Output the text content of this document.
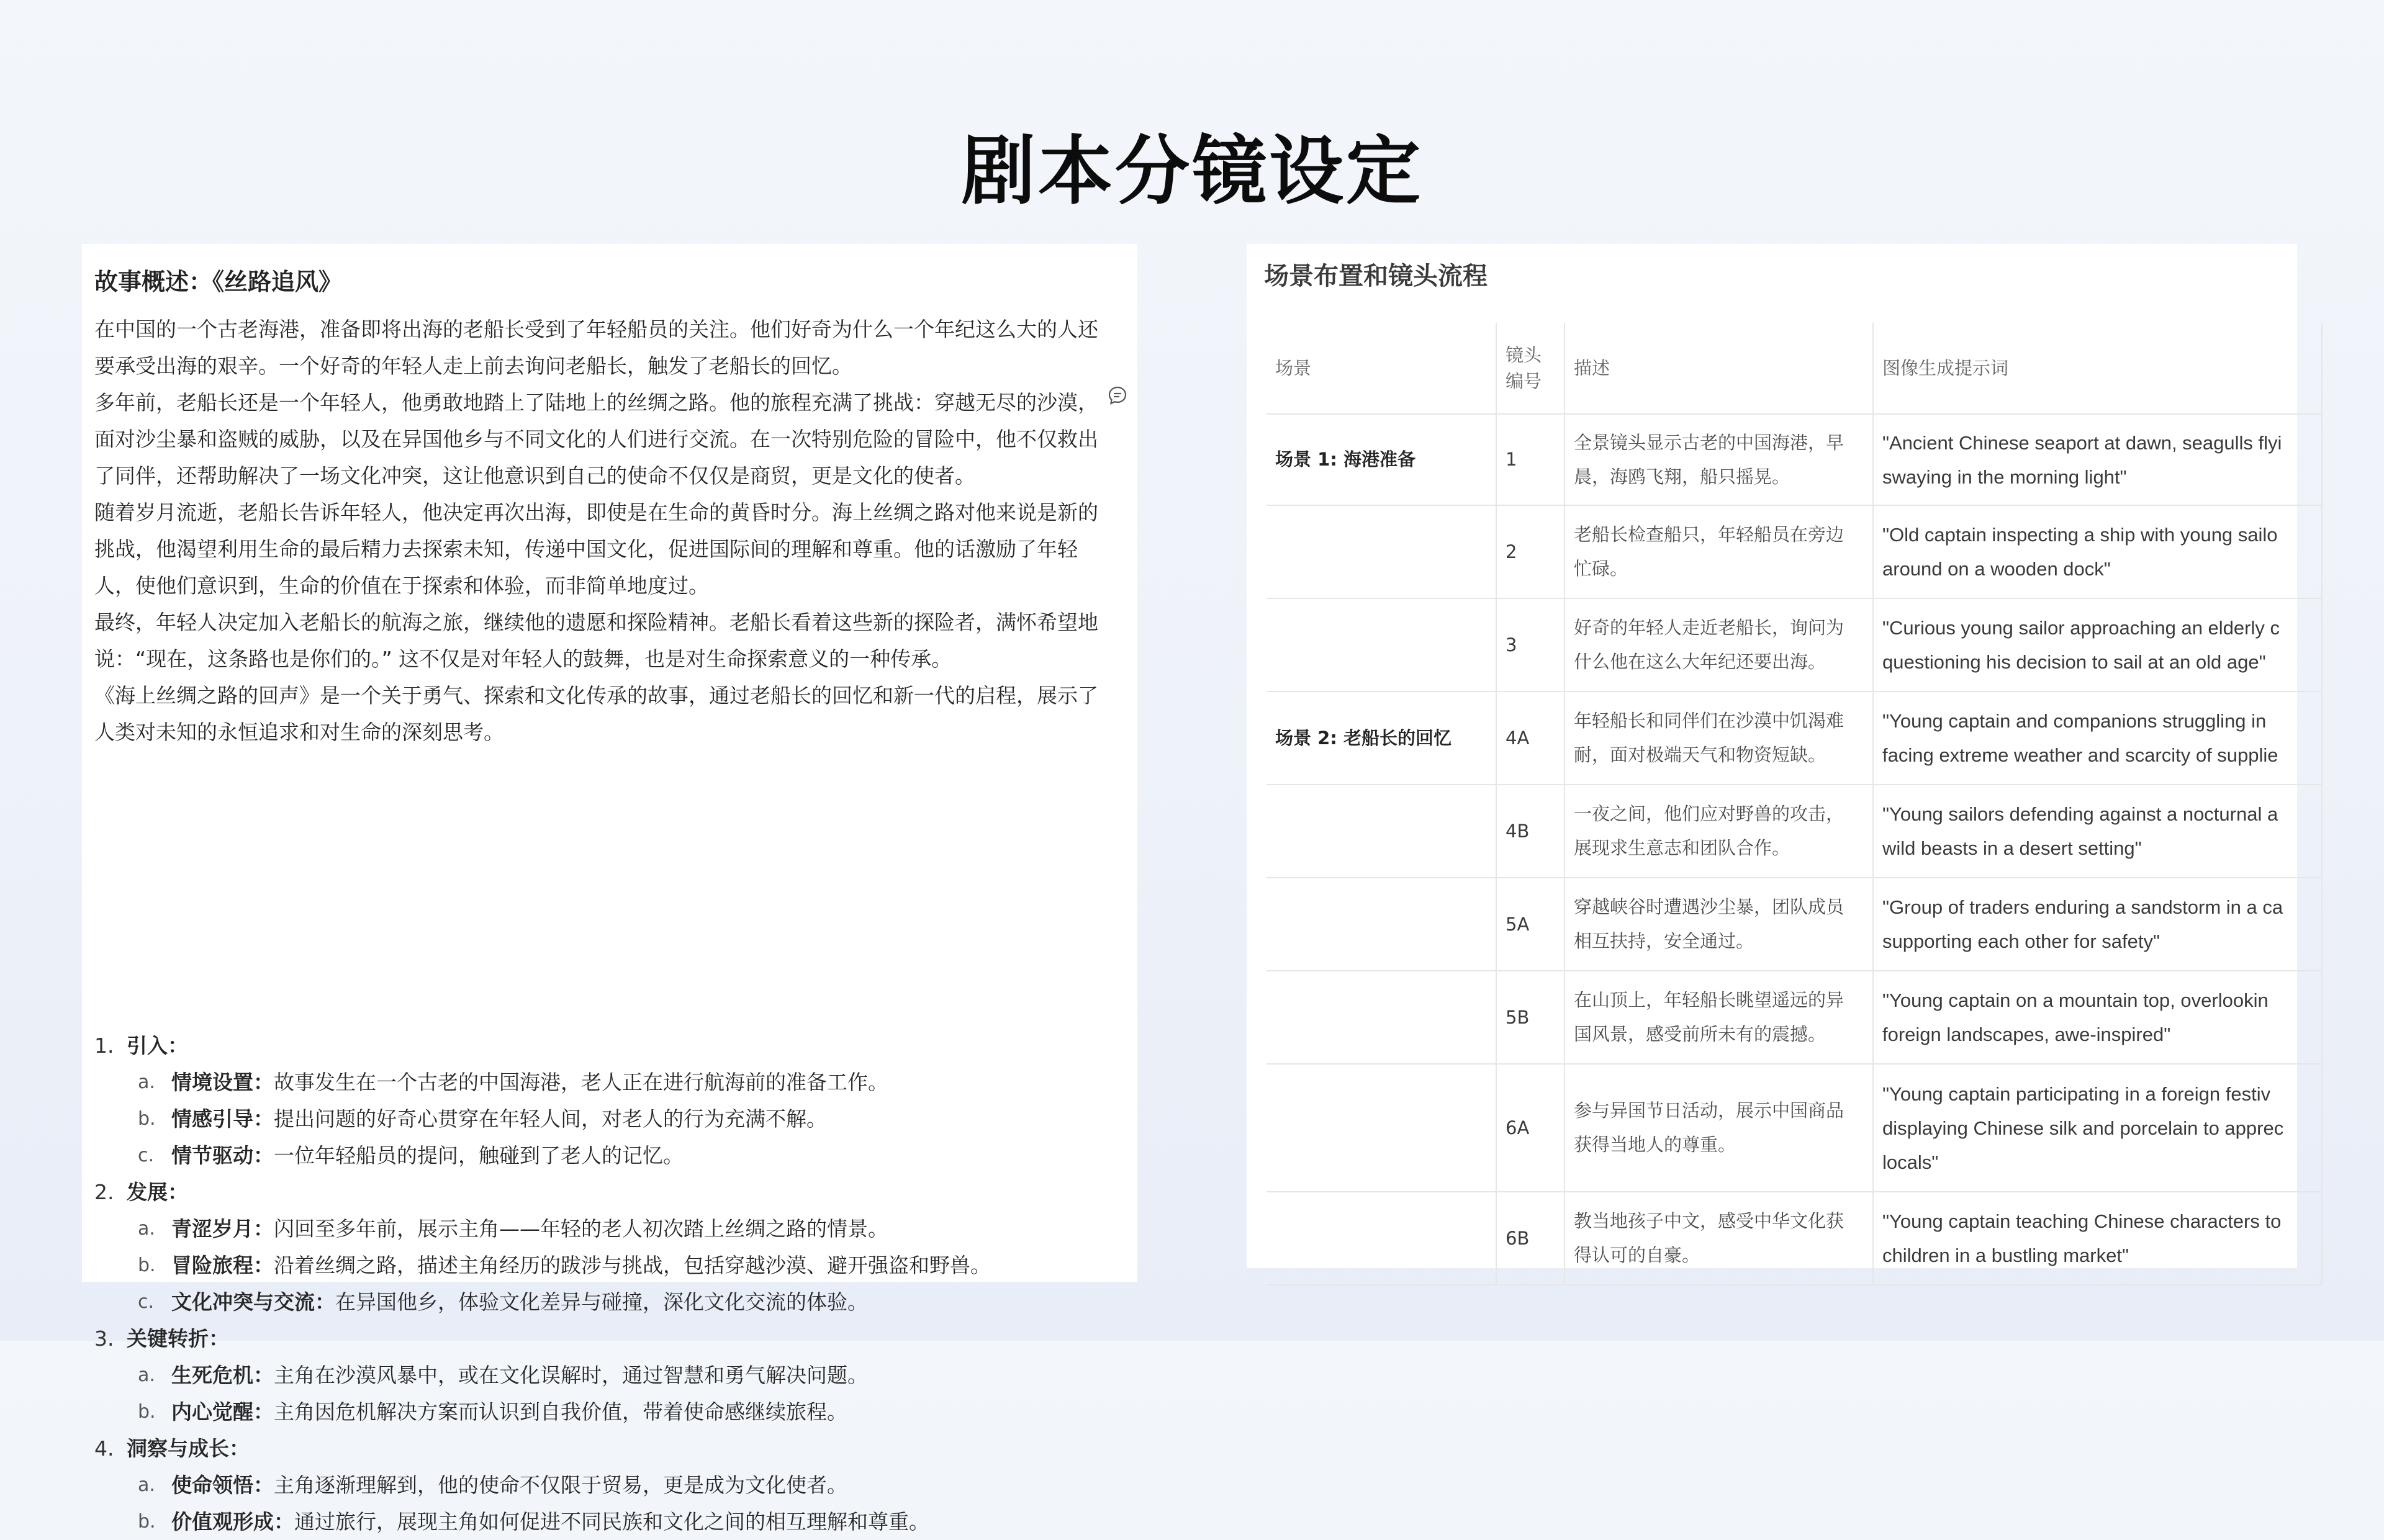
剧本分镜设定
故事概述：《丝路追风》

在中国的一个古老海港，准备即将出海的老船长受到了年轻船员的关注。他们好奇为什么一个年纪这么大的人还要承受出海的艰辛。一个好奇的年轻人走上前去询问老船长，触发了老船长的回忆。

多年前，老船长还是一个年轻人，他勇敢地踏上了陆地上的丝绸之路。他的旅程充满了挑战：穿越无尽的沙漠，面对沙尘暴和盗贼的威胁，以及在异国他乡与不同文化的人们进行交流。在一次特别危险的冒险中，他不仅救出了同伴，还帮助解决了一场文化冲突，这让他意识到自己的使命不仅仅是商贸，更是文化的使者。

随着岁月流逝，老船长告诉年轻人，他决定再次出海，即使是在生命的黄昏时分。海上丝绸之路对他来说是新的挑战，他渴望利用生命的最后精力去探索未知，传递中国文化，促进国际间的理解和尊重。他的话激励了年轻人，使他们意识到，生命的价值在于探索和体验，而非简单地度过。

最终，年轻人决定加入老船长的航海之旅，继续他的遗愿和探险精神。老船长看着这些新的探险者，满怀希望地说：“现在，这条路也是你们的。” 这不仅是对年轻人的鼓舞，也是对生命探索意义的一种传承。

《海上丝绸之路的回声》是一个关于勇气、探索和文化传承的故事，通过老船长的回忆和新一代的启程，展示了人类对未知的永恒追求和对生命的深刻思考。

1. 引入：
a. 情境设置： 故事发生在一个古老的中国海港，老人正在进行航海前的准备工作。
b. 情感引导： 提出问题的好奇心贯穿在年轻人间，对老人的行为充满不解。
c. 情节驱动： 一位年轻船员的提问，触碰到了老人的记忆。
2. 发展：
a. 青涩岁月： 闪回至多年前，展示主角——年轻的老人初次踏上丝绸之路的情景。
b. 冒险旅程： 沿着丝绸之路，描述主角经历的跋涉与挑战，包括穿越沙漠、避开强盗和野兽。
c. 文化冲突与交流： 在异国他乡，体验文化差异与碰撞，深化文化交流的体验。
3. 关键转折：
a. 生死危机： 主角在沙漠风暴中，或在文化误解时，通过智慧和勇气解决问题。
b. 内心觉醒： 主角因危机解决方案而认识到自我价值，带着使命感继续旅程。
4. 洞察与成长：
a. 使命领悟： 主角逐渐理解到，他的使命不仅限于贸易，更是成为文化使者。
b. 价值观形成： 通过旅行，展现主角如何促进不同民族和文化之间的相互理解和尊重。
场景布置和镜头流程
场景	镜头编号	描述	图像生成提示词
场景 1: 海港准备	1	全景镜头显示古老的中国海港，早
晨，海鸥飞翔，船只摇晃。	"Ancient Chinese seaport at dawn, seagulls flyi
swaying in the morning light"

	2	老船长检查船只，年轻船员在旁边
忙碌。	"Old captain inspecting a ship with young sailo
around on a wooden dock"

	3	好奇的年轻人走近老船长，询问为
什么他在这么大年纪还要出海。	"Curious young sailor approaching an elderly c
questioning his decision to sail at an old age"

场景 2: 老船长的回忆	4A	年轻船长和同伴们在沙漠中饥渴难
耐，面对极端天气和物资短缺。	"Young captain and companions struggling in
facing extreme weather and scarcity of supplie

	4B	一夜之间，他们应对野兽的攻击，
展现求生意志和团队合作。	"Young sailors defending against a nocturnal a
wild beasts in a desert setting"

	5A	穿越峡谷时遭遇沙尘暴，团队成员
相互扶持，安全通过。	"Group of traders enduring a sandstorm in a ca
supporting each other for safety"

	5B	在山顶上，年轻船长眺望遥远的异
国风景，感受前所未有的震撼。	"Young captain on a mountain top, overlookin
foreign landscapes, awe-inspired"

	6A	参与异国节日活动，展示中国商品
获得当地人的尊重。	"Young captain participating in a foreign festiv
displaying Chinese silk and porcelain to apprec
locals"

	6B	教当地孩子中文，感受中华文化获
得认可的自豪。	"Young captain teaching Chinese characters to
children in a bustling market"
